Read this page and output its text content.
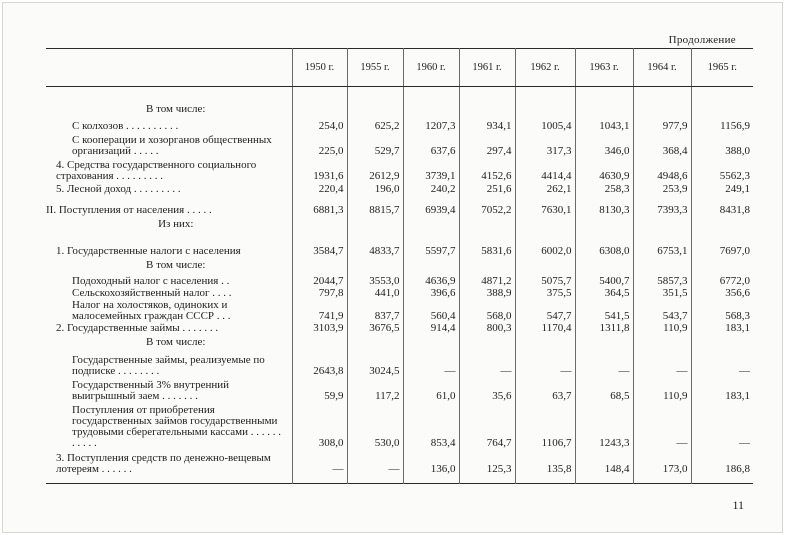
Продолжение
	1950 г.	1955 г.	1960 г.	1961 г.	1962 г.	1963 г.	1964 г.	1965 г.

В том числе:								
С колхозов . . . . . . . . . .	254,0	625,2	1207,3	934,1	1005,4	1043,1	977,9	1156,9
С кооперации и хозорганов общественных организаций . . . . .	225,0	529,7	637,6	297,4	317,3	346,0	368,4	388,0
4. Средства государственного социального страхования . . . . . . . . .	1931,6	2612,9	3739,1	4152,6	4414,4	4630,9	4948,6	5562,3
5. Лесной доход . . . . . . . . .	220,4	196,0	240,2	251,6	262,1	258,3	253,9	249,1
II. Поступления от населения . . . . .	6881,3	8815,7	6939,4	7052,2	7630,1	8130,3	7393,3	8431,8
Из них:								
1. Государственные налоги с населения	3584,7	4833,7	5597,7	5831,6	6002,0	6308,0	6753,1	7697,0
В том числе:								
Подоходный налог с населения . .	2044,7	3553,0	4636,9	4871,2	5075,7	5400,7	5857,3	6772,0
Сельскохозяйственный налог . . . .	797,8	441,0	396,6	388,9	375,5	364,5	351,5	356,6
Налог на холостяков, одиноких и малосемейных граждан СССР . . .	741,9	837,7	560,4	568,0	547,7	541,5	543,7	568,3
2. Государственные займы . . . . . . .	3103,9	3676,5	914,4	800,3	1170,4	1311,8	110,9	183,1
В том числе:								
Государственные займы, реализуемые по подписке . . . . . . . .	2643,8	3024,5	—	—	—	—	—	—
Государственный 3% внутренний выигрышный заем . . . . . . .	59,9	117,2	61,0	35,6	63,7	68,5	110,9	183,1
Поступления от приобретения государственных займов государственными трудовыми сберегательными кассами . . . . . . . . . . .	308,0	530,0	853,4	764,7	1106,7	1243,3	—	—
3. Поступления средств по денежно-вещевым лотереям . . . . . .	—	—	136,0	125,3	135,8	148,4	173,0	186,8

11
